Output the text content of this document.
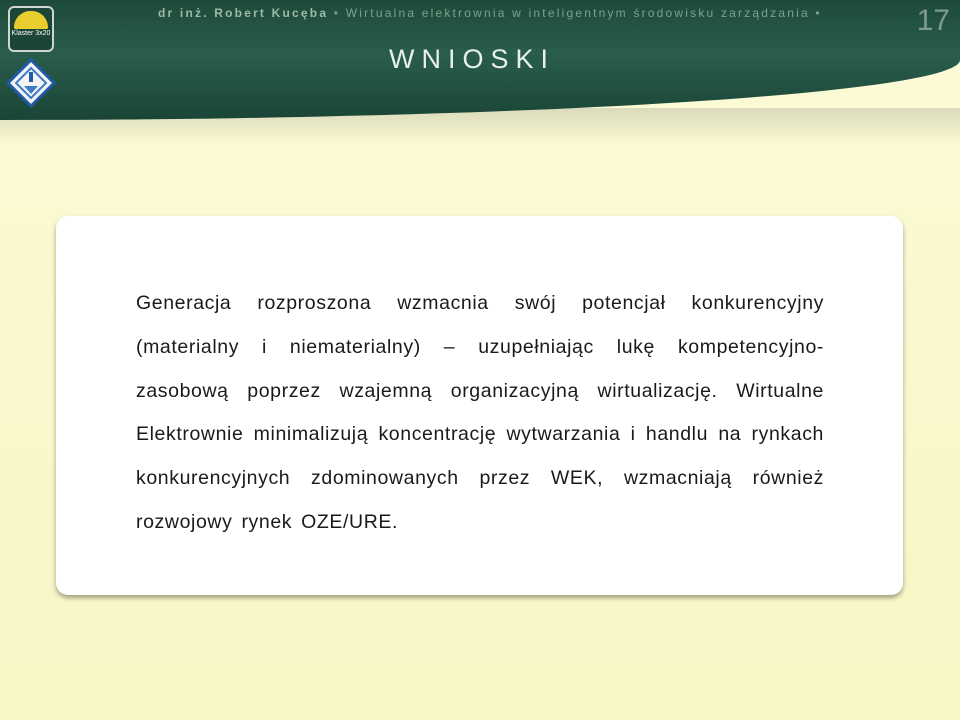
Klaster 3x20
dr inż. Robert Kucęba • Wirtualna elektrownia w inteligentnym środowisku zarządzania •	17
WNIOSKI
Generacja rozproszona wzmacnia swój potencjał konkurencyjny (materialny i niematerialny) – uzupełniając lukę kompetencyjno-zasobową poprzez wzajemną organizacyjną wirtualizację. Wirtualne Elektrownie minimalizują koncentrację wytwarzania i handlu na rynkach konkurencyjnych zdominowanych przez WEK, wzmacniają również rozwojowy rynek OZE/URE.
